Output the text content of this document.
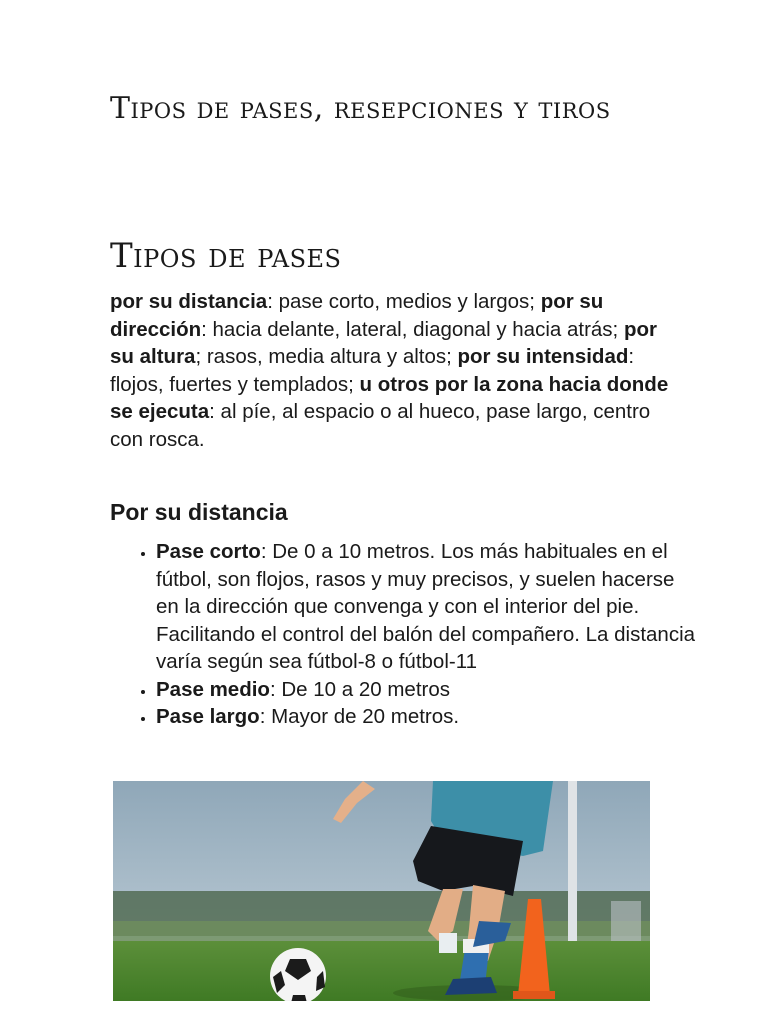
Tipos de pases, resepciones y tiros
Tipos de pases

por su distancia: pase corto, medios y largos; por su dirección: hacia delante, lateral, diagonal y hacia atrás; por su altura; rasos, media altura y altos; por su intensidad: flojos, fuertes y templados; u otros por la zona hacia donde se ejecuta: al píe, al espacio o al hueco, pase largo, centro con rosca.

Por su distancia
• Pase corto: De 0 a 10 metros. Los más habituales en el fútbol, son flojos, rasos y muy precisos, y suelen hacerse en la dirección que convenga y con el interior del pie. Facilitando el control del balón del compañero. La distancia varía según sea fútbol-8 o fútbol-11
• Pase medio: De 10 a 20 metros
• Pase largo: Mayor de 20 metros.
